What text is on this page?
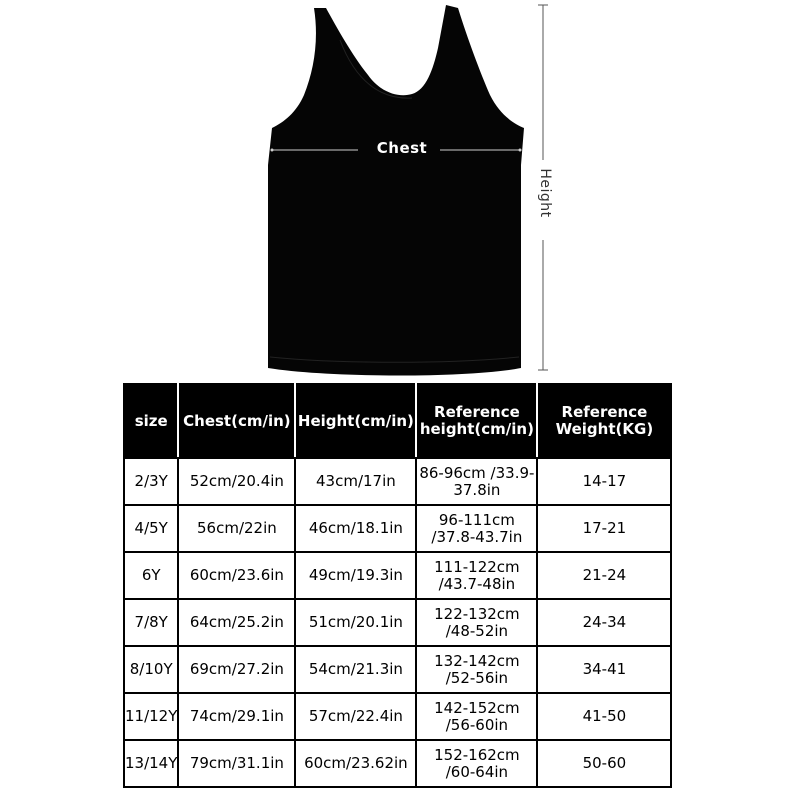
Chest
Height
size	Chest(cm/in)	Height(cm/in)	Reference height(cm/in)	Reference Weight(KG)
2/3Y	52cm/20.4in	43cm/17in	86-96cm /33.9-37.8in	14-17
4/5Y	56cm/22in	46cm/18.1in	96-111cm /37.8-43.7in	17-21
6Y	60cm/23.6in	49cm/19.3in	111-122cm /43.7-48in	21-24
7/8Y	64cm/25.2in	51cm/20.1in	122-132cm /48-52in	24-34
8/10Y	69cm/27.2in	54cm/21.3in	132-142cm /52-56in	34-41
11/12Y	74cm/29.1in	57cm/22.4in	142-152cm /56-60in	41-50
13/14Y	79cm/31.1in	60cm/23.62in	152-162cm /60-64in	50-60
